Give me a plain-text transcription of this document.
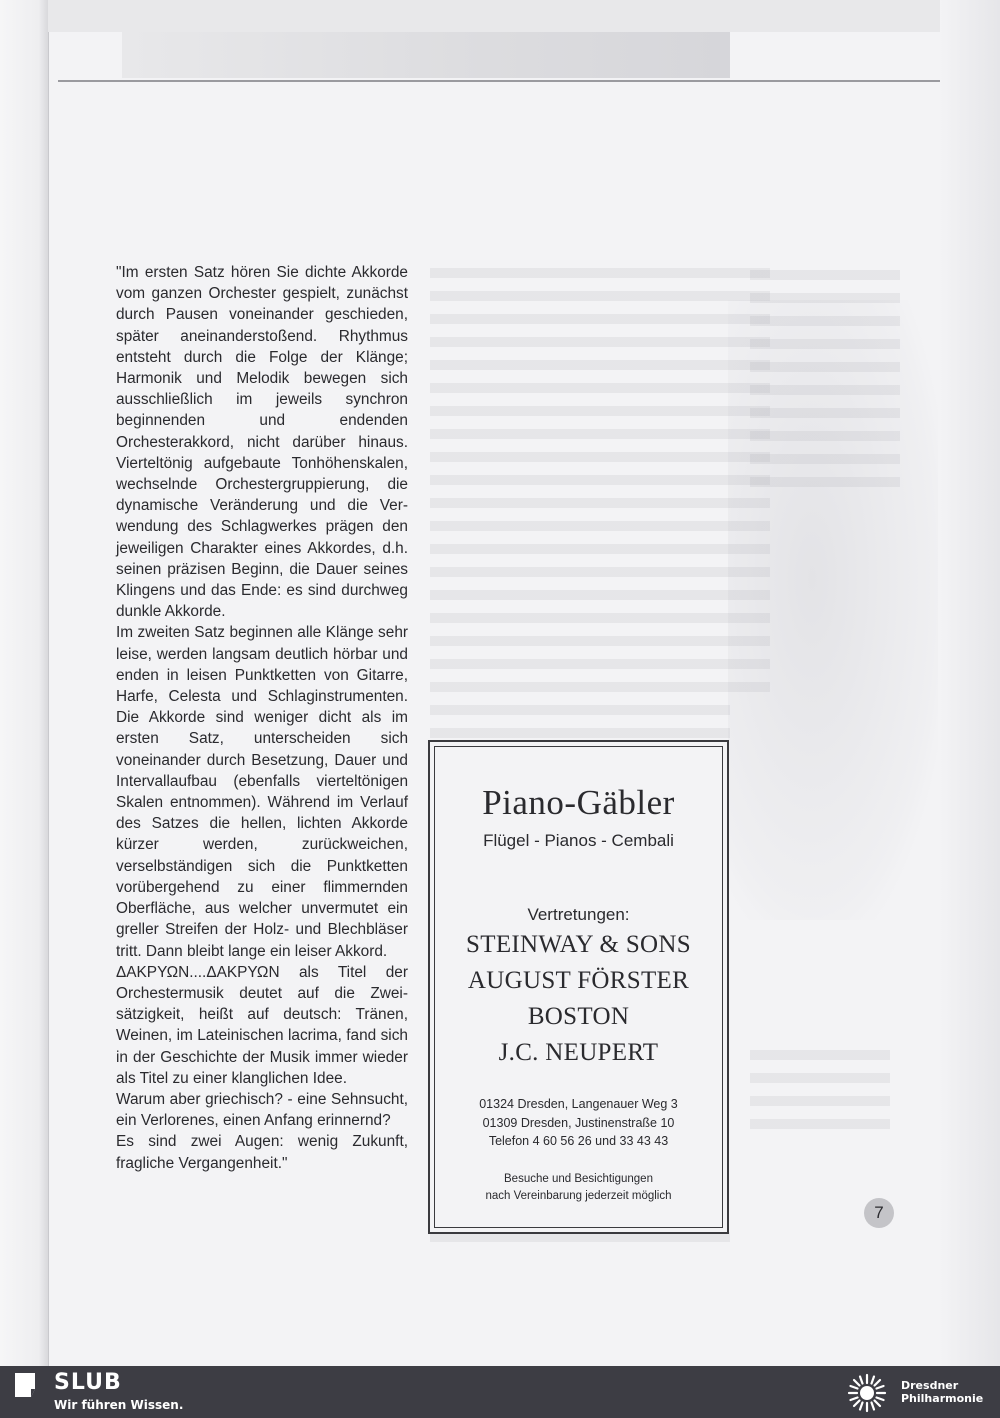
"Im ersten Satz hören Sie dichte Akkorde vom ganzen Orchester gespielt, zunächst durch Pausen voneinander geschieden, später aneinanderstoßend. Rhythmus entsteht durch die Folge der Klänge; Harmonik und Melodik bewegen sich ausschließlich im jeweils synchron beginnenden und endenden Orchesterakkord, nicht darüber hinaus. Vierteltönig aufgebaute Tonhöhenskalen, wechselnde Orchestergruppierung, die dynamische Veränderung und die Verwendung des Schlagwerkes prägen den jeweiligen Charakter eines Akkordes, d.h. seinen präzisen Beginn, die Dauer seines Klingens und das Ende: es sind durchweg dunkle Akkorde.

Im zweiten Satz beginnen alle Klänge sehr leise, werden langsam deutlich hörbar und enden in leisen Punktketten von Gitarre, Harfe, Celesta und Schlaginstrumenten. Die Akkorde sind weniger dicht als im ersten Satz, unterscheiden sich voneinander durch Besetzung, Dauer und Intervallaufbau (ebenfalls vierteltönigen Skalen entnommen). Während im Verlauf des Satzes die hellen, lichten Akkorde kürzer werden, zurückweichen, verselbständigen sich die Punktketten vorübergehend zu einer flimmernden Oberfläche, aus welcher unvermutet ein greller Streifen der Holz- und Blechbläser tritt. Dann bleibt lange ein leiser Akkord.

ΔΑΚΡΥΩΝ....ΔΑΚΡΥΩΝ als Titel der Orchestermusik deutet auf die Zweisätzigkeit, heißt auf deutsch: Tränen, Weinen, im Lateinischen lacrima, fand sich in der Geschichte der Musik immer wieder als Titel zu einer klanglichen Idee.

Warum aber griechisch? - eine Sehnsucht, ein Verlorenes, einen Anfang erinnernd?

Es sind zwei Augen: wenig Zukunft, fragliche Vergangenheit."

Piano-Gäbler
Flügel - Pianos - Cembali
Vertretungen:
STEINWAY & SONS
AUGUST FÖRSTER
BOSTON
J.C. NEUPERT
01324 Dresden, Langenauer Weg 3
01309 Dresden, Justinenstraße 10
Telefon 4 60 56 26 und 33 43 43
Besuche und Besichtigungen
nach Vereinbarung jederzeit möglich
7
SLUB
Wir führen Wissen.
Dresdner
Philharmonie
